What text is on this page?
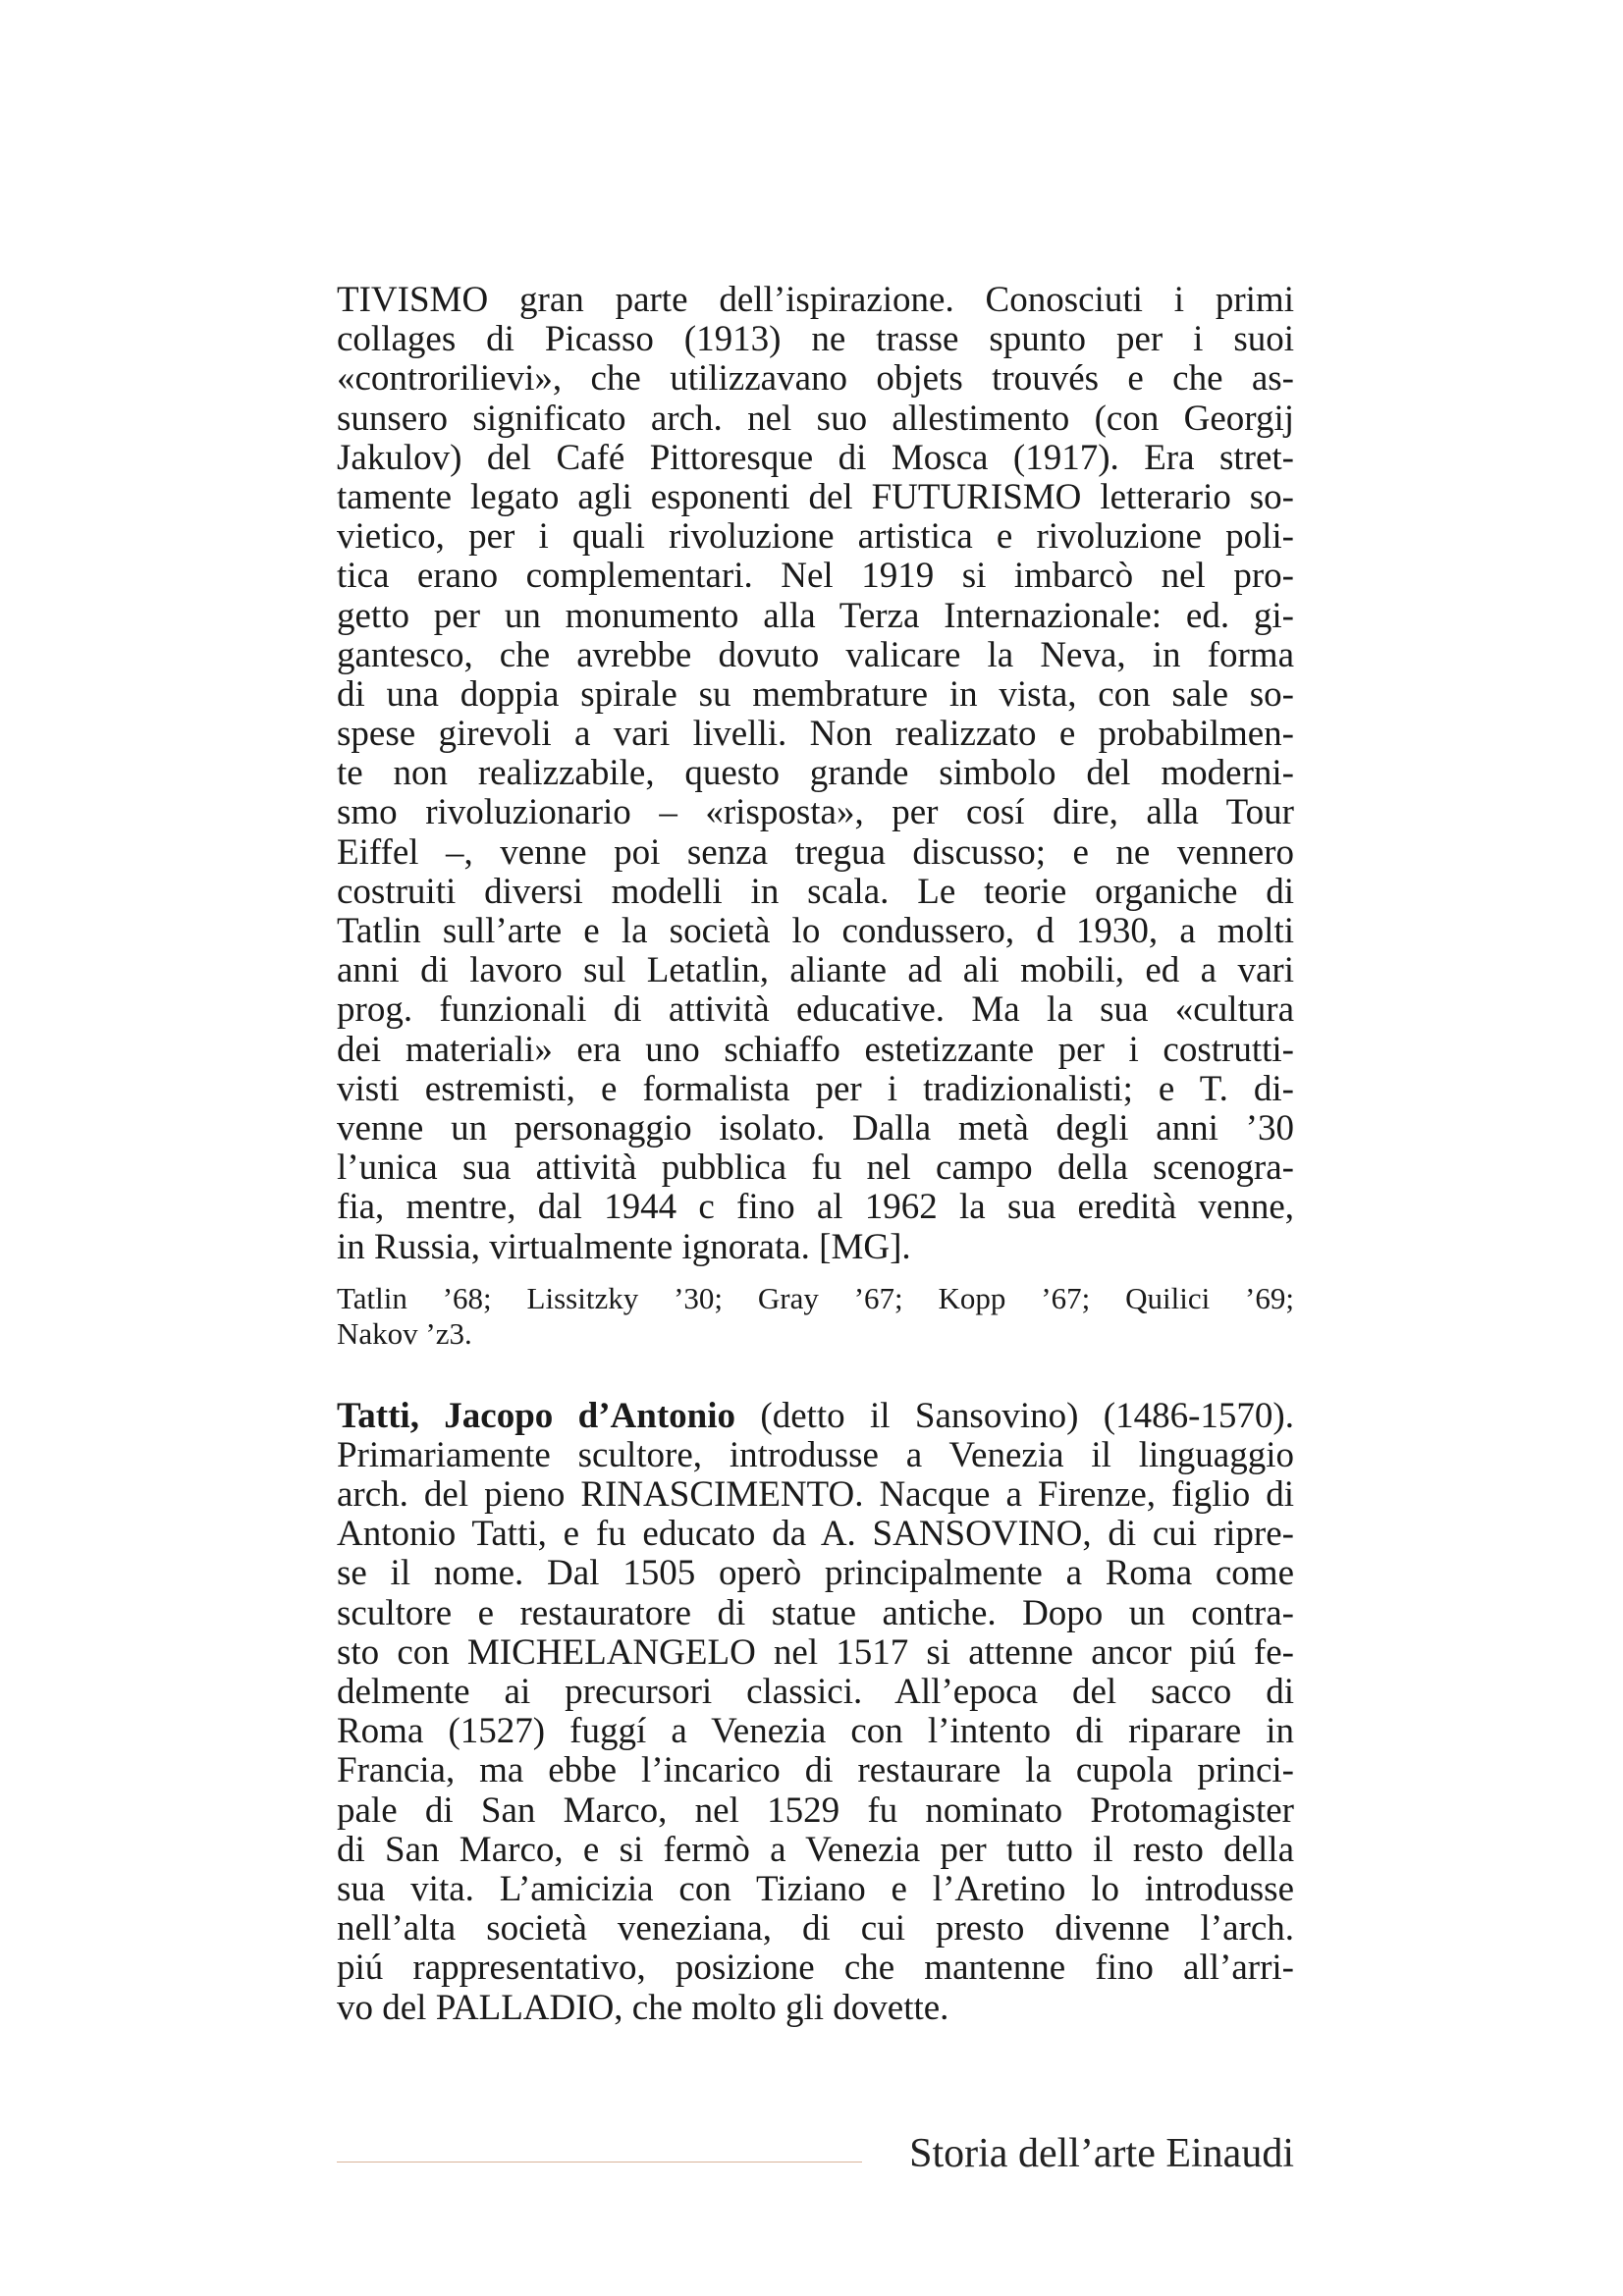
TIVISMO gran parte dell’ispirazione. Conosciuti i primi
collages di Picasso (1913) ne trasse spunto per i suoi
«controrilievi», che utilizzavano objets trouvés e che as-
sunsero significato arch. nel suo allestimento (con Georgij
Jakulov) del Café Pittoresque di Mosca (1917). Era stret-
tamente legato agli esponenti del FUTURISMO letterario so-
vietico, per i quali rivoluzione artistica e rivoluzione poli-
tica erano complementari. Nel 1919 si imbarcò nel pro-
getto per un monumento alla Terza Internazionale: ed. gi-
gantesco, che avrebbe dovuto valicare la Neva, in forma
di una doppia spirale su membrature in vista, con sale so-
spese girevoli a vari livelli. Non realizzato e probabilmen-
te non realizzabile, questo grande simbolo del moderni-
smo rivoluzionario – «risposta», per cosí dire, alla Tour
Eiffel –, venne poi senza tregua discusso; e ne vennero
costruiti diversi modelli in scala. Le teorie organiche di
Tatlin sull’arte e la società lo condussero, d 1930, a molti
anni di lavoro sul Letatlin, aliante ad ali mobili, ed a vari
prog. funzionali di attività educative. Ma la sua «cultura
dei materiali» era uno schiaffo estetizzante per i costrutti-
visti estremisti, e formalista per i tradizionalisti; e T. di-
venne un personaggio isolato. Dalla metà degli anni ’30
l’unica sua attività pubblica fu nel campo della scenogra-
fia, mentre, dal 1944 c fino al 1962 la sua eredità venne,
in Russia, virtualmente ignorata. [MG].
Tatlin ’68; Lissitzky ’30; Gray ’67; Kopp ’67; Quilici ’69;
Nakov ’z3.
Tatti, Jacopo d’Antonio (detto il Sansovino) (1486-1570).
Primariamente scultore, introdusse a Venezia il linguaggio
arch. del pieno RINASCIMENTO. Nacque a Firenze, figlio di
Antonio Tatti, e fu educato da A. SANSOVINO, di cui ripre-
se il nome. Dal 1505 operò principalmente a Roma come
scultore e restauratore di statue antiche. Dopo un contra-
sto con MICHELANGELO nel 1517 si attenne ancor piú fe-
delmente ai precursori classici. All’epoca del sacco di
Roma (1527) fuggí a Venezia con l’intento di riparare in
Francia, ma ebbe l’incarico di restaurare la cupola princi-
pale di San Marco, nel 1529 fu nominato Protomagister
di San Marco, e si fermò a Venezia per tutto il resto della
sua vita. L’amicizia con Tiziano e l’Aretino lo introdusse
nell’alta società veneziana, di cui presto divenne l’arch.
piú rappresentativo, posizione che mantenne fino all’arri-
vo del PALLADIO, che molto gli dovette.
Storia dell’arte Einaudi
